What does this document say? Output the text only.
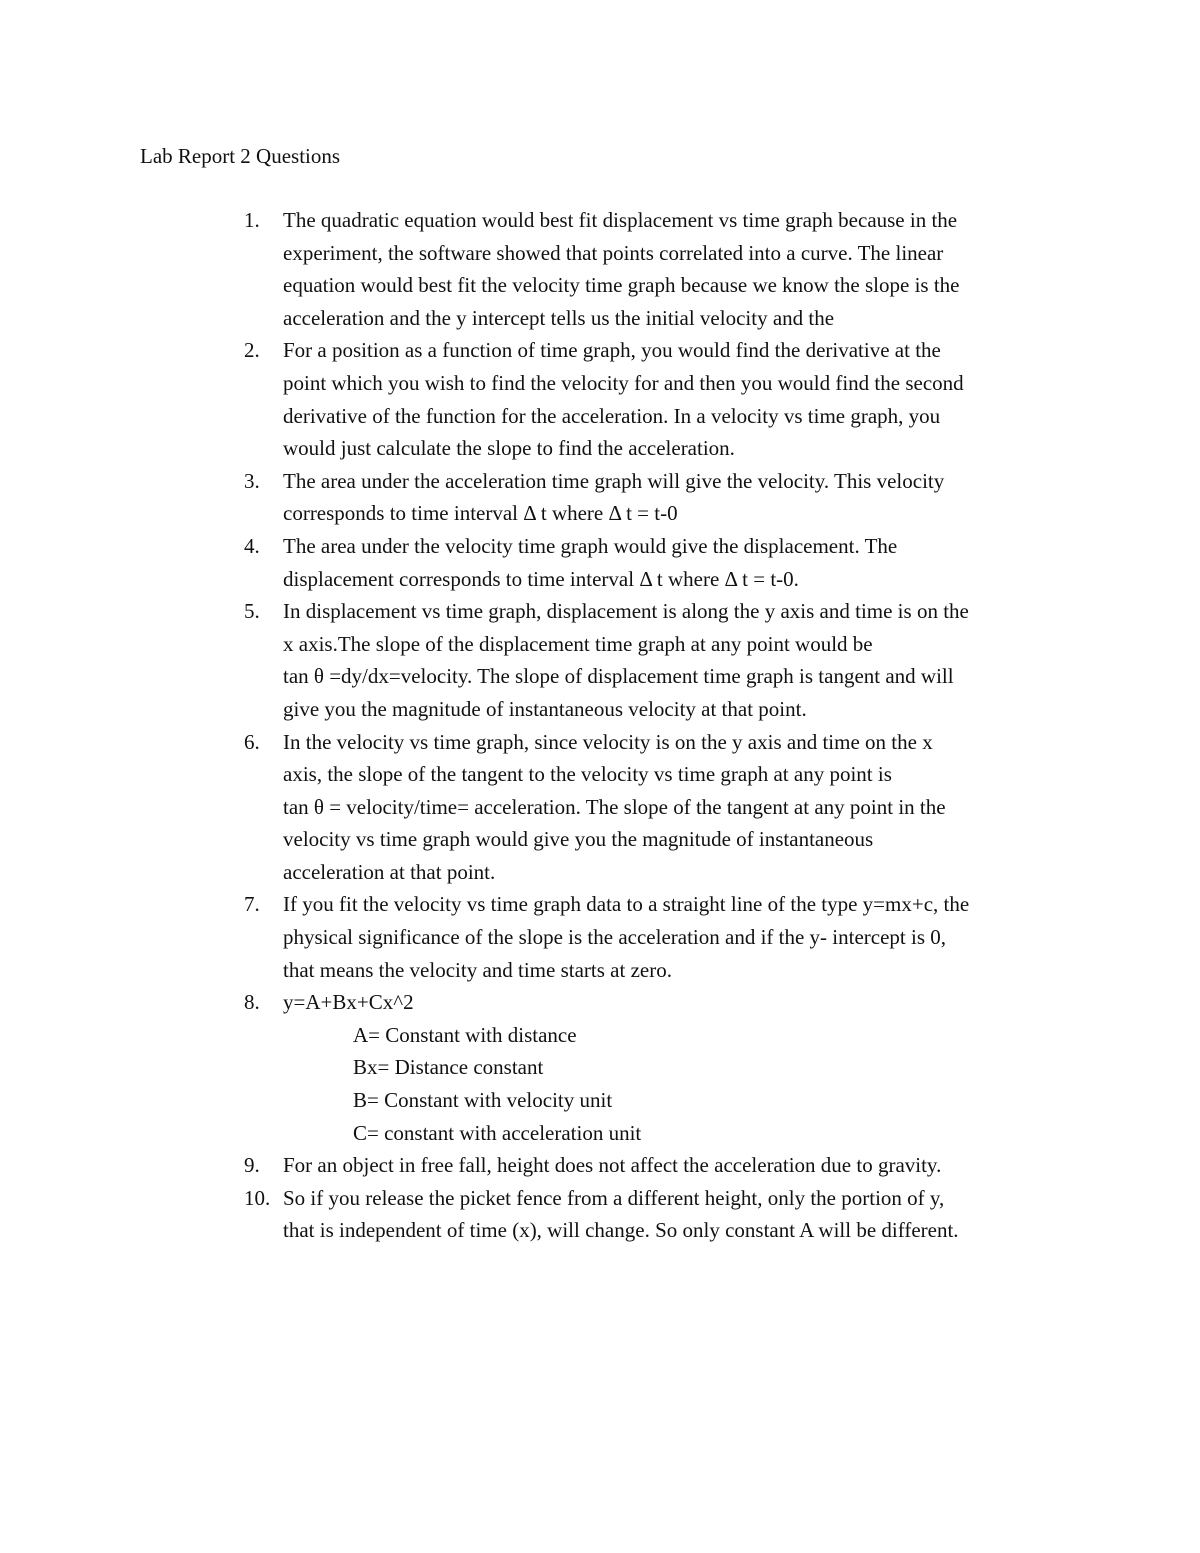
Lab Report 2 Questions
1.	The quadratic equation would best fit displacement vs time graph because in the
experiment, the software showed that points correlated into a curve. The linear
equation would best fit the velocity time graph because we know the slope is the
acceleration and the y intercept tells us the initial velocity and the
2.	For a position as a function of time graph, you would find the derivative at the
point which you wish to find the velocity for and then you would find the second
derivative of the function for the acceleration. In a velocity vs time graph, you
would just calculate the slope to find the acceleration.
3.	The area under the acceleration time graph will give the velocity. This velocity
corresponds to time interval Δ t where Δ t = t-0
4.	The area under the velocity time graph would give the displacement. The
displacement corresponds to time interval Δ t where Δ t = t-0.
5.	In displacement vs time graph, displacement is along the y axis and time is on the
x axis.The slope of the displacement time graph at any point would be
tan θ =dy/dx=velocity. The slope of displacement time graph is tangent and will
give you the magnitude of instantaneous velocity at that point.
6.	In the velocity vs time graph, since velocity is on the y axis and time on the x
axis, the slope of the tangent to the velocity vs time graph at any point is
tan θ = velocity/time= acceleration. The slope of the tangent at any point in the
velocity vs time graph would give you the magnitude of instantaneous
acceleration at that point.
7.	If you fit the velocity vs time graph data to a straight line of the type y=mx+c, the
physical significance of the slope is the acceleration and if the y- intercept is 0,
that means the velocity and time starts at zero.
8.	y=A+Bx+Cx^2
A= Constant with distance
Bx= Distance constant
B= Constant with velocity unit
C= constant with acceleration unit
9.	For an object in free fall, height does not affect the acceleration due to gravity.
10. So if you release the picket fence from a different height, only the portion of y,
that is independent of time (x), will change. So only constant A will be different.
